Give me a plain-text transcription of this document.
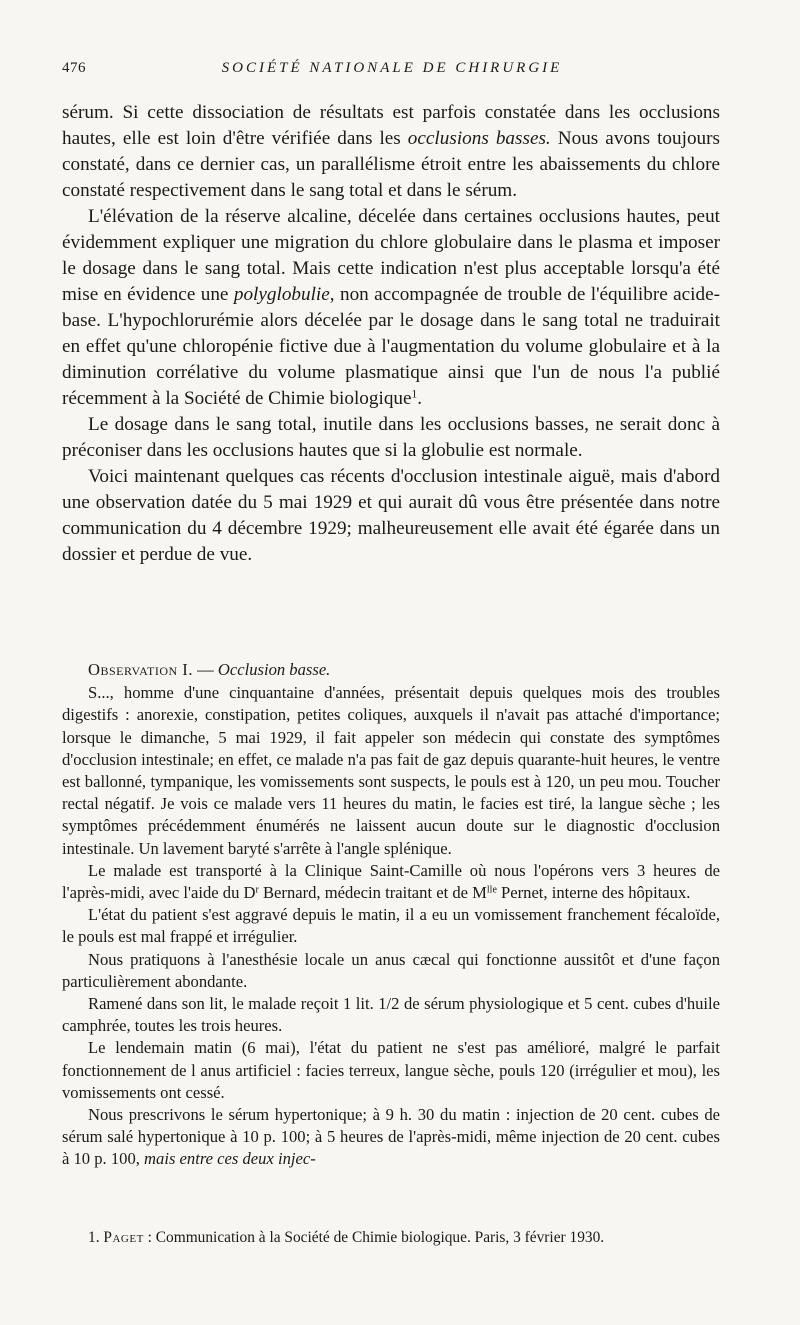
476	SOCIÉTÉ NATIONALE DE CHIRURGIE

sérum. Si cette dissociation de résultats est parfois constatée dans les occlusions hautes, elle est loin d'être vérifiée dans les occlusions basses. Nous avons toujours constaté, dans ce dernier cas, un parallélisme étroit entre les abaissements du chlore constaté respectivement dans le sang total et dans le sérum.

L'élévation de la réserve alcaline, décelée dans certaines occlusions hautes, peut évidemment expliquer une migration du chlore globulaire dans le plasma et imposer le dosage dans le sang total. Mais cette indication n'est plus acceptable lorsqu'a été mise en évidence une polyglobulie, non accompagnée de trouble de l'équilibre acide-base. L'hypochlorurémie alors décelée par le dosage dans le sang total ne traduirait en effet qu'une chloropénie fictive due à l'augmentation du volume globulaire et à la diminution corrélative du volume plasmatique ainsi que l'un de nous l'a publié récemment à la Société de Chimie biologique$^1$.

Le dosage dans le sang total, inutile dans les occlusions basses, ne serait donc à préconiser dans les occlusions hautes que si la globulie est normale.

Voici maintenant quelques cas récents d'occlusion intestinale aiguë, mais d'abord une observation datée du 5 mai 1929 et qui aurait dû vous être présentée dans notre communication du 4 décembre 1929; malheureusement elle avait été égarée dans un dossier et perdue de vue.

Observation I. — Occlusion basse.

S..., homme d'une cinquantaine d'années, présentait depuis quelques mois des troubles digestifs : anorexie, constipation, petites coliques, auxquels il n'avait pas attaché d'importance; lorsque le dimanche, 5 mai 1929, il fait appeler son médecin qui constate des symptômes d'occlusion intestinale; en effet, ce malade n'a pas fait de gaz depuis quarante-huit heures, le ventre est ballonné, tympanique, les vomissements sont suspects, le pouls est à 120, un peu mou. Toucher rectal négatif. Je vois ce malade vers 11 heures du matin, le facies est tiré, la langue sèche ; les symptômes précédemment énumérés ne laissent aucun doute sur le diagnostic d'occlusion intestinale. Un lavement baryté s'arrête à l'angle splénique.

Le malade est transporté à la Clinique Saint-Camille où nous l'opérons vers 3 heures de l'après-midi, avec l'aide du $D^r$ Bernard, médecin traitant et de $M^{lle}$ Pernet, interne des hôpitaux.

L'état du patient s'est aggravé depuis le matin, il a eu un vomissement franchement fécaloïde, le pouls est mal frappé et irrégulier.

Nous pratiquons à l'anesthésie locale un anus cæcal qui fonctionne aussitôt et d'une façon particulièrement abondante.

Ramené dans son lit, le malade reçoit 1 lit. 1/2 de sérum physiologique et 5 cent. cubes d'huile camphrée, toutes les trois heures.

Le lendemain matin (6 mai), l'état du patient ne s'est pas amélioré, malgré le parfait fonctionnement de l anus artificiel : facies terreux, langue sèche, pouls 120 (irrégulier et mou), les vomissements ont cessé.

Nous prescrivons le sérum hypertonique; à 9 h. 30 du matin : injection de 20 cent. cubes de sérum salé hypertonique à 10 p. 100; à 5 heures de l'après-midi, même injection de 20 cent. cubes à 10 p. 100, mais entre ces deux injec-

1. Paget : Communication à la Société de Chimie biologique. Paris, 3 février 1930.
